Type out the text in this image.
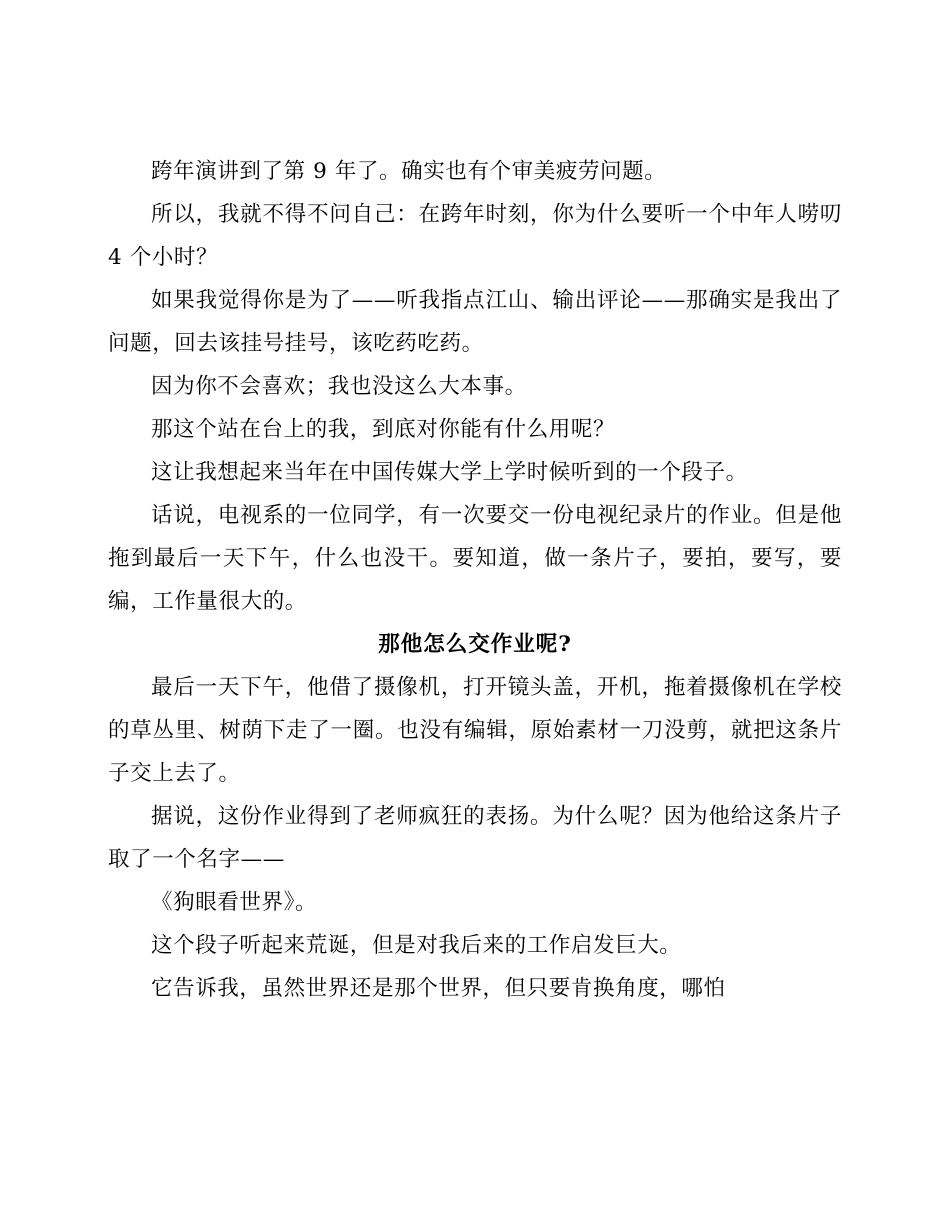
跨年演讲到了第 9 年了。确实也有个审美疲劳问题。

所以，我就不得不问自己：在跨年时刻，你为什么要听一个中年人唠叨 4 个小时？

如果我觉得你是为了——听我指点江山、输出评论——那确实是我出了问题，回去该挂号挂号，该吃药吃药。

因为你不会喜欢；我也没这么大本事。

那这个站在台上的我，到底对你能有什么用呢？

这让我想起来当年在中国传媒大学上学时候听到的一个段子。

话说，电视系的一位同学，有一次要交一份电视纪录片的作业。但是他拖到最后一天下午，什么也没干。要知道，做一条片子，要拍，要写，要编，工作量很大的。

那他怎么交作业呢?

最后一天下午，他借了摄像机，打开镜头盖，开机，拖着摄像机在学校的草丛里、树荫下走了一圈。也没有编辑，原始素材一刀没剪，就把这条片子交上去了。

据说，这份作业得到了老师疯狂的表扬。为什么呢？因为他给这条片子取了一个名字——

《狗眼看世界》。

这个段子听起来荒诞，但是对我后来的工作启发巨大。

它告诉我，虽然世界还是那个世界，但只要肯换角度，哪怕
